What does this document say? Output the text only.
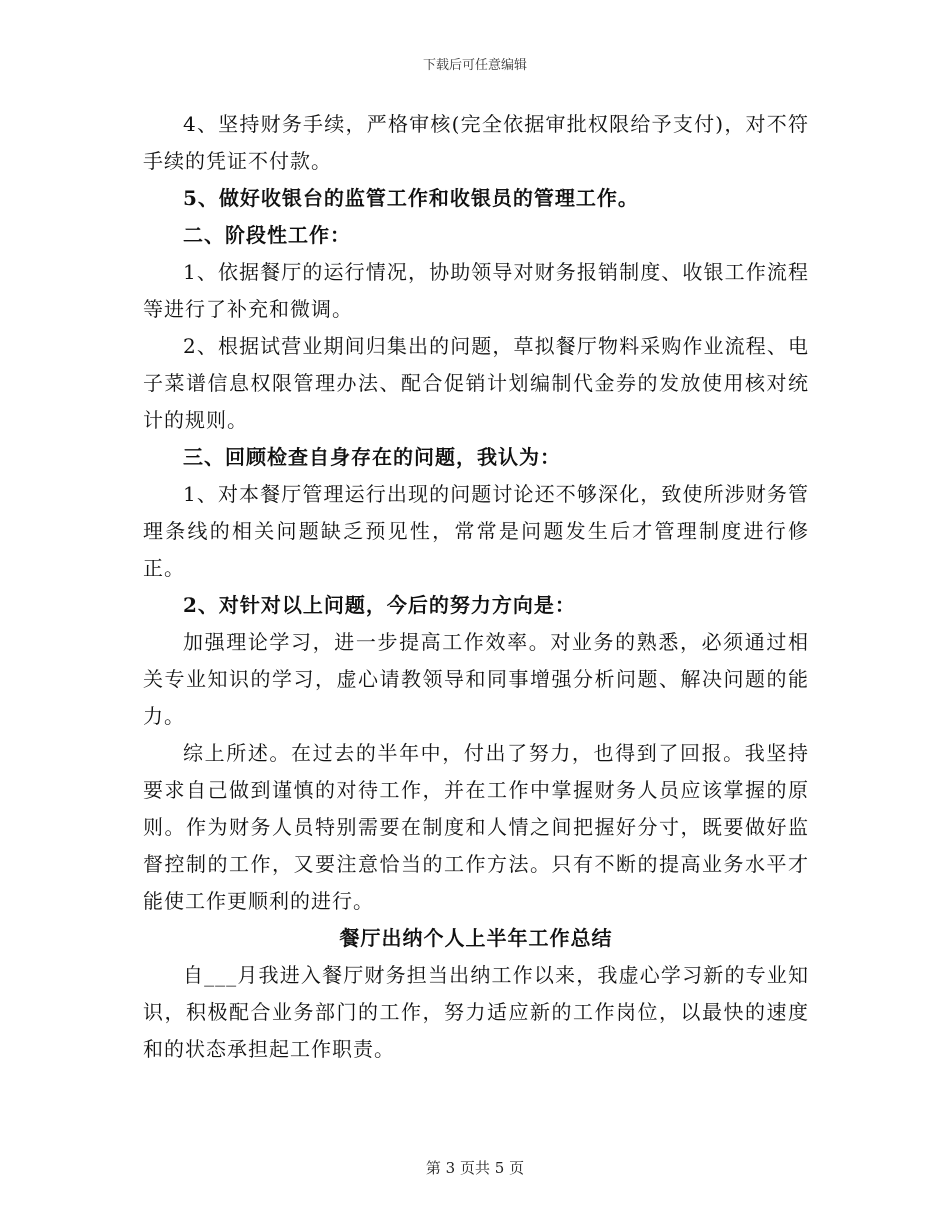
下载后可任意编辑

4、坚持财务手续，严格审核(完全依据审批权限给予支付)，对不符手续的凭证不付款。

5、做好收银台的监管工作和收银员的管理工作。

二、阶段性工作：

1、依据餐厅的运行情况，协助领导对财务报销制度、收银工作流程等进行了补充和微调。

2、根据试营业期间归集出的问题，草拟餐厅物料采购作业流程、电子菜谱信息权限管理办法、配合促销计划编制代金券的发放使用核对统计的规则。

三、回顾检查自身存在的问题，我认为：

1、对本餐厅管理运行出现的问题讨论还不够深化，致使所涉财务管理条线的相关问题缺乏预见性，常常是问题发生后才管理制度进行修正。

2、对针对以上问题，今后的努力方向是：

加强理论学习，进一步提高工作效率。对业务的熟悉，必须通过相关专业知识的学习，虚心请教领导和同事增强分析问题、解决问题的能力。

综上所述。在过去的半年中，付出了努力，也得到了回报。我坚持要求自己做到谨慎的对待工作，并在工作中掌握财务人员应该掌握的原则。作为财务人员特别需要在制度和人情之间把握好分寸，既要做好监督控制的工作，又要注意恰当的工作方法。只有不断的提高业务水平才能使工作更顺利的进行。

餐厅出纳个人上半年工作总结

自___月我进入餐厅财务担当出纳工作以来，我虚心学习新的专业知识，积极配合业务部门的工作，努力适应新的工作岗位，以最快的速度和的状态承担起工作职责。

第 3 页共 5 页
